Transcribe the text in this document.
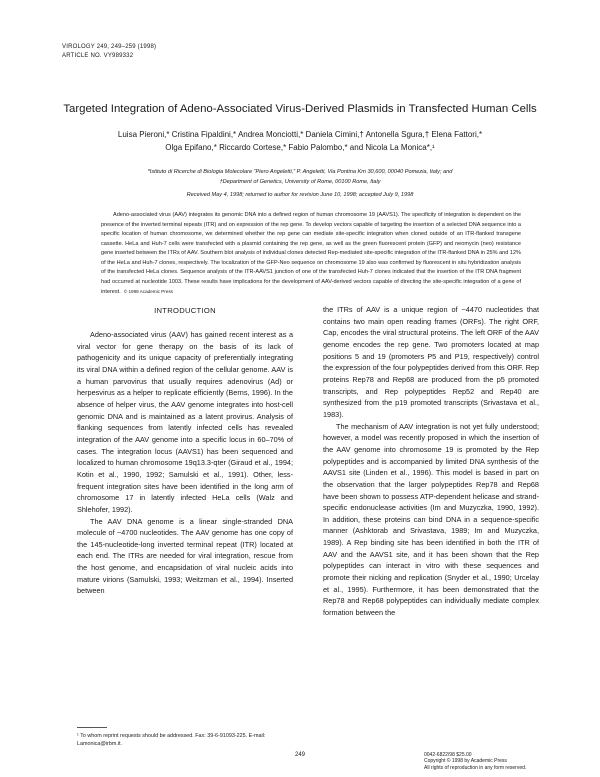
VIROLOGY 249, 249–259 (1998)
ARTICLE NO. VY989332
Targeted Integration of Adeno-Associated Virus-Derived Plasmids in Transfected Human Cells
Luisa Pieroni,* Cristina Fipaldini,* Andrea Monciotti,* Daniela Cimini,† Antonella Sgura,† Elena Fattori,*
Olga Epifano,* Riccardo Cortese,* Fabio Palombo,* and Nicola La Monica*,¹
*Istituto di Ricerche di Biologia Molecolare “Piero Angeletti,” P. Angeletti, Via Pontina Km 30,600, 00040 Pomezia, Italy; and
†Department of Genetics, University of Rome, 00100 Rome, Italy
Received May 4, 1998; returned to author for revision June 10, 1998; accepted July 9, 1998

Adeno-associated virus (AAV) integrates its genomic DNA into a defined region of human chromosome 19 (AAVS1). The specificity of integration is dependent on the presence of the inverted terminal repeats (ITR) and on expression of the rep gene. To develop vectors capable of targeting the insertion of a selected DNA sequence into a specific location of human chromosome, we determined whether the rep gene can mediate site-specific integration when cloned outside of an ITR-flanked transgene cassette. HeLa and Huh-7 cells were transfected with a plasmid containing the rep gene, as well as the green fluorescent protein (GFP) and neomycin (neo) resistance gene inserted between the ITRs of AAV. Southern blot analysis of individual clones detected Rep-mediated site-specific integration of the ITR-flanked DNA in 25% and 12% of the HeLa and Huh-7 clones, respectively. The localization of the GFP-Neo sequence on chromosome 19 also was confirmed by fluorescent in situ hybridization analysis of the transfected HeLa clones. Sequence analysis of the ITR-AAVS1 junction of one of the transfected Huh-7 clones indicated that the insertion of the ITR DNA fragment had occurred at nucleotide 1003. These results have implications for the development of AAV-derived vectors capable of directing the site-specific integration of a gene of interest. © 1998 Academic Press

INTRODUCTION

Adeno-associated virus (AAV) has gained recent interest as a viral vector for gene therapy on the basis of its lack of pathogenicity and its unique capacity of preferentially integrating its viral DNA within a defined region of the cellular genome. AAV is a human parvovirus that usually requires adenovirus (Ad) or herpesvirus as a helper to replicate efficiently (Berns, 1996). In the absence of helper virus, the AAV genome integrates into host-cell genomic DNA and is maintained as a latent provirus. Analysis of flanking sequences from latently infected cells has revealed integration of the AAV genome into a specific locus in 60–70% of cases. The integration locus (AAVS1) has been sequenced and localized to human chromosome 19q13.3-qter (Giraud et al., 1994; Kotin et al., 1990, 1992; Samulski et al., 1991). Other, less-frequent integration sites have been identified in the long arm of chromosome 17 in latently infected HeLa cells (Walz and Shlehofer, 1992).

The AAV DNA genome is a linear single-stranded DNA molecule of ~4700 nucleotides. The AAV genome has one copy of the 145-nucleotide-long inverted terminal repeat (ITR) located at each end. The ITRs are needed for viral integration, rescue from the host genome, and encapsidation of viral nucleic acids into mature virions (Samulski, 1993; Weitzman et al., 1994). Inserted between

the ITRs of AAV is a unique region of ~4470 nucleotides that contains two main open reading frames (ORFs). The right ORF, Cap, encodes the viral structural proteins. The left ORF of the AAV genome encodes the rep gene. Two promoters located at map positions 5 and 19 (promoters P5 and P19, respectively) control the expression of the four polypeptides derived from this ORF. Rep proteins Rep78 and Rep68 are produced from the p5 promoted transcripts, and Rep polypeptides Rep52 and Rep40 are synthesized from the p19 promoted transcripts (Srivastava et al., 1983).

The mechanism of AAV integration is not yet fully understood; however, a model was recently proposed in which the insertion of the AAV genome into chromosome 19 is promoted by the Rep polypeptides and is accompanied by limited DNA synthesis of the AAVS1 site (Linden et al., 1996). This model is based in part on the observation that the larger polypeptides Rep78 and Rep68 have been shown to possess ATP-dependent helicase and strand-specific endonuclease activities (Im and Muzyczka, 1990, 1992). In addition, these proteins can bind DNA in a sequence-specific manner (Ashktorab and Srivastava, 1989; Im and Muzyczka, 1989). A Rep binding site has been identified in both the ITR of AAV and the AAVS1 site, and it has been shown that the Rep polypeptides can interact in vitro with these sequences and promote their nicking and replication (Snyder et al., 1990; Urcelay et al., 1995). Furthermore, it has been demonstrated that the Rep78 and Rep68 polypeptides can individually mediate complex formation between the

¹ To whom reprint requests should be addressed. Fax: 39-6-91093-225. E-mail: Lamonica@irbm.it.
249	0042-6822/98 $25.00
Copyright © 1998 by Academic Press
All rights of reproduction in any form reserved.
